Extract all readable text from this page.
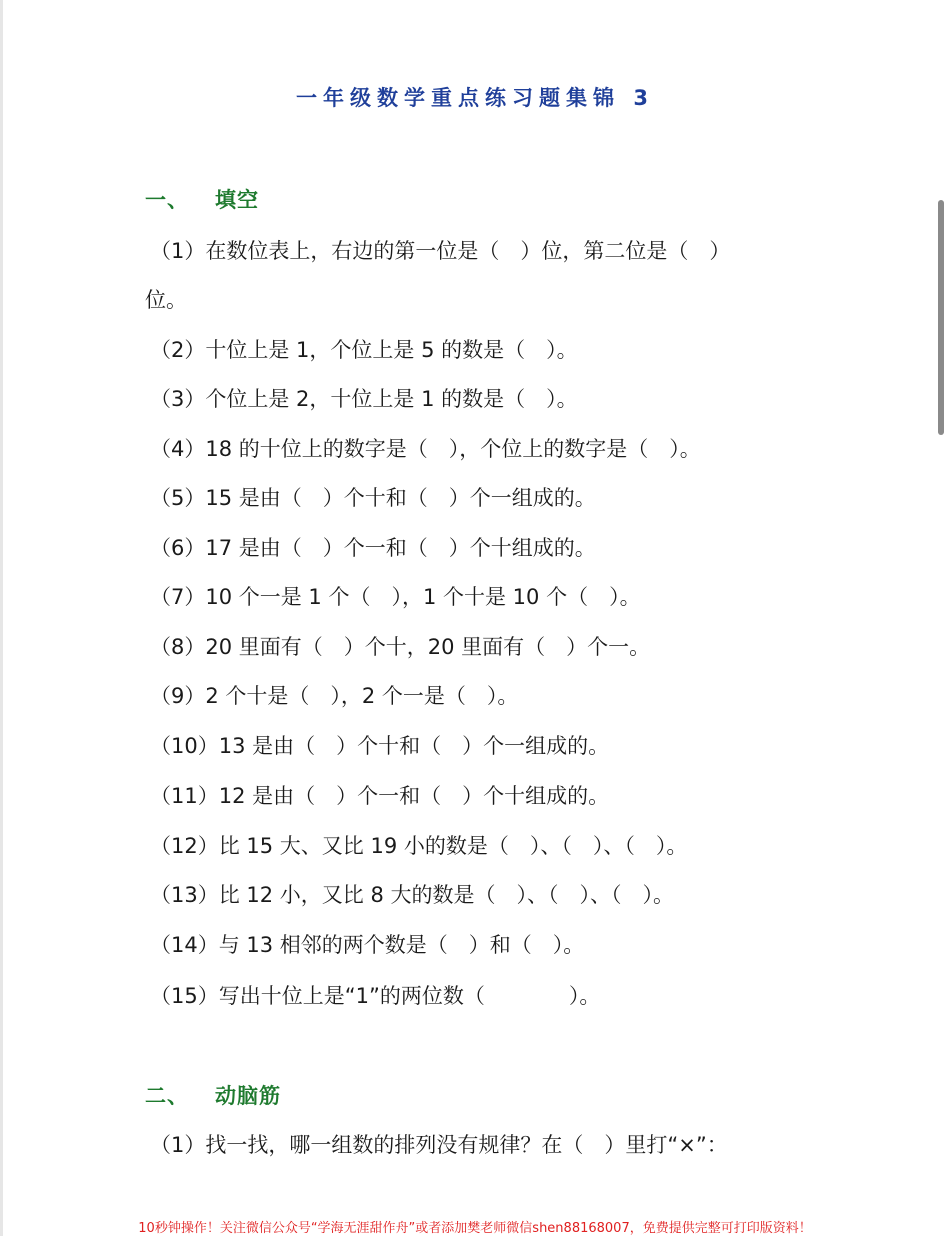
一年级数学重点练习题集锦 3
一、 填空
（1）在数位表上，右边的第一位是（　）位，第二位是（　）
位。
（2）十位上是 1，个位上是 5 的数是（　）。
（3）个位上是 2，十位上是 1 的数是（　）。
（4）18 的十位上的数字是（　），个位上的数字是（　）。
（5）15 是由（　）个十和（　）个一组成的。
（6）17 是由（　）个一和（　）个十组成的。
（7）10 个一是 1 个（　），1 个十是 10 个（　）。
（8）20 里面有（　）个十，20 里面有（　）个一。
（9）2 个十是（　），2 个一是（　）。
（10）13 是由（　）个十和（　）个一组成的。
（11）12 是由（　）个一和（　）个十组成的。
（12）比 15 大、又比 19 小的数是（　）、（　）、（　）。
（13）比 12 小，又比 8 大的数是（　）、（　）、（　）。
（14）与 13 相邻的两个数是（　）和（　）。
（15）写出十位上是“1”的两位数（　　　　）。
二、 动脑筋
（1）找一找，哪一组数的排列没有规律？在（　）里打“×”：
10秒钟操作！关注微信公众号“学海无涯甜作舟”或者添加樊老师微信shen88168007，免费提供完整可打印版资料！
